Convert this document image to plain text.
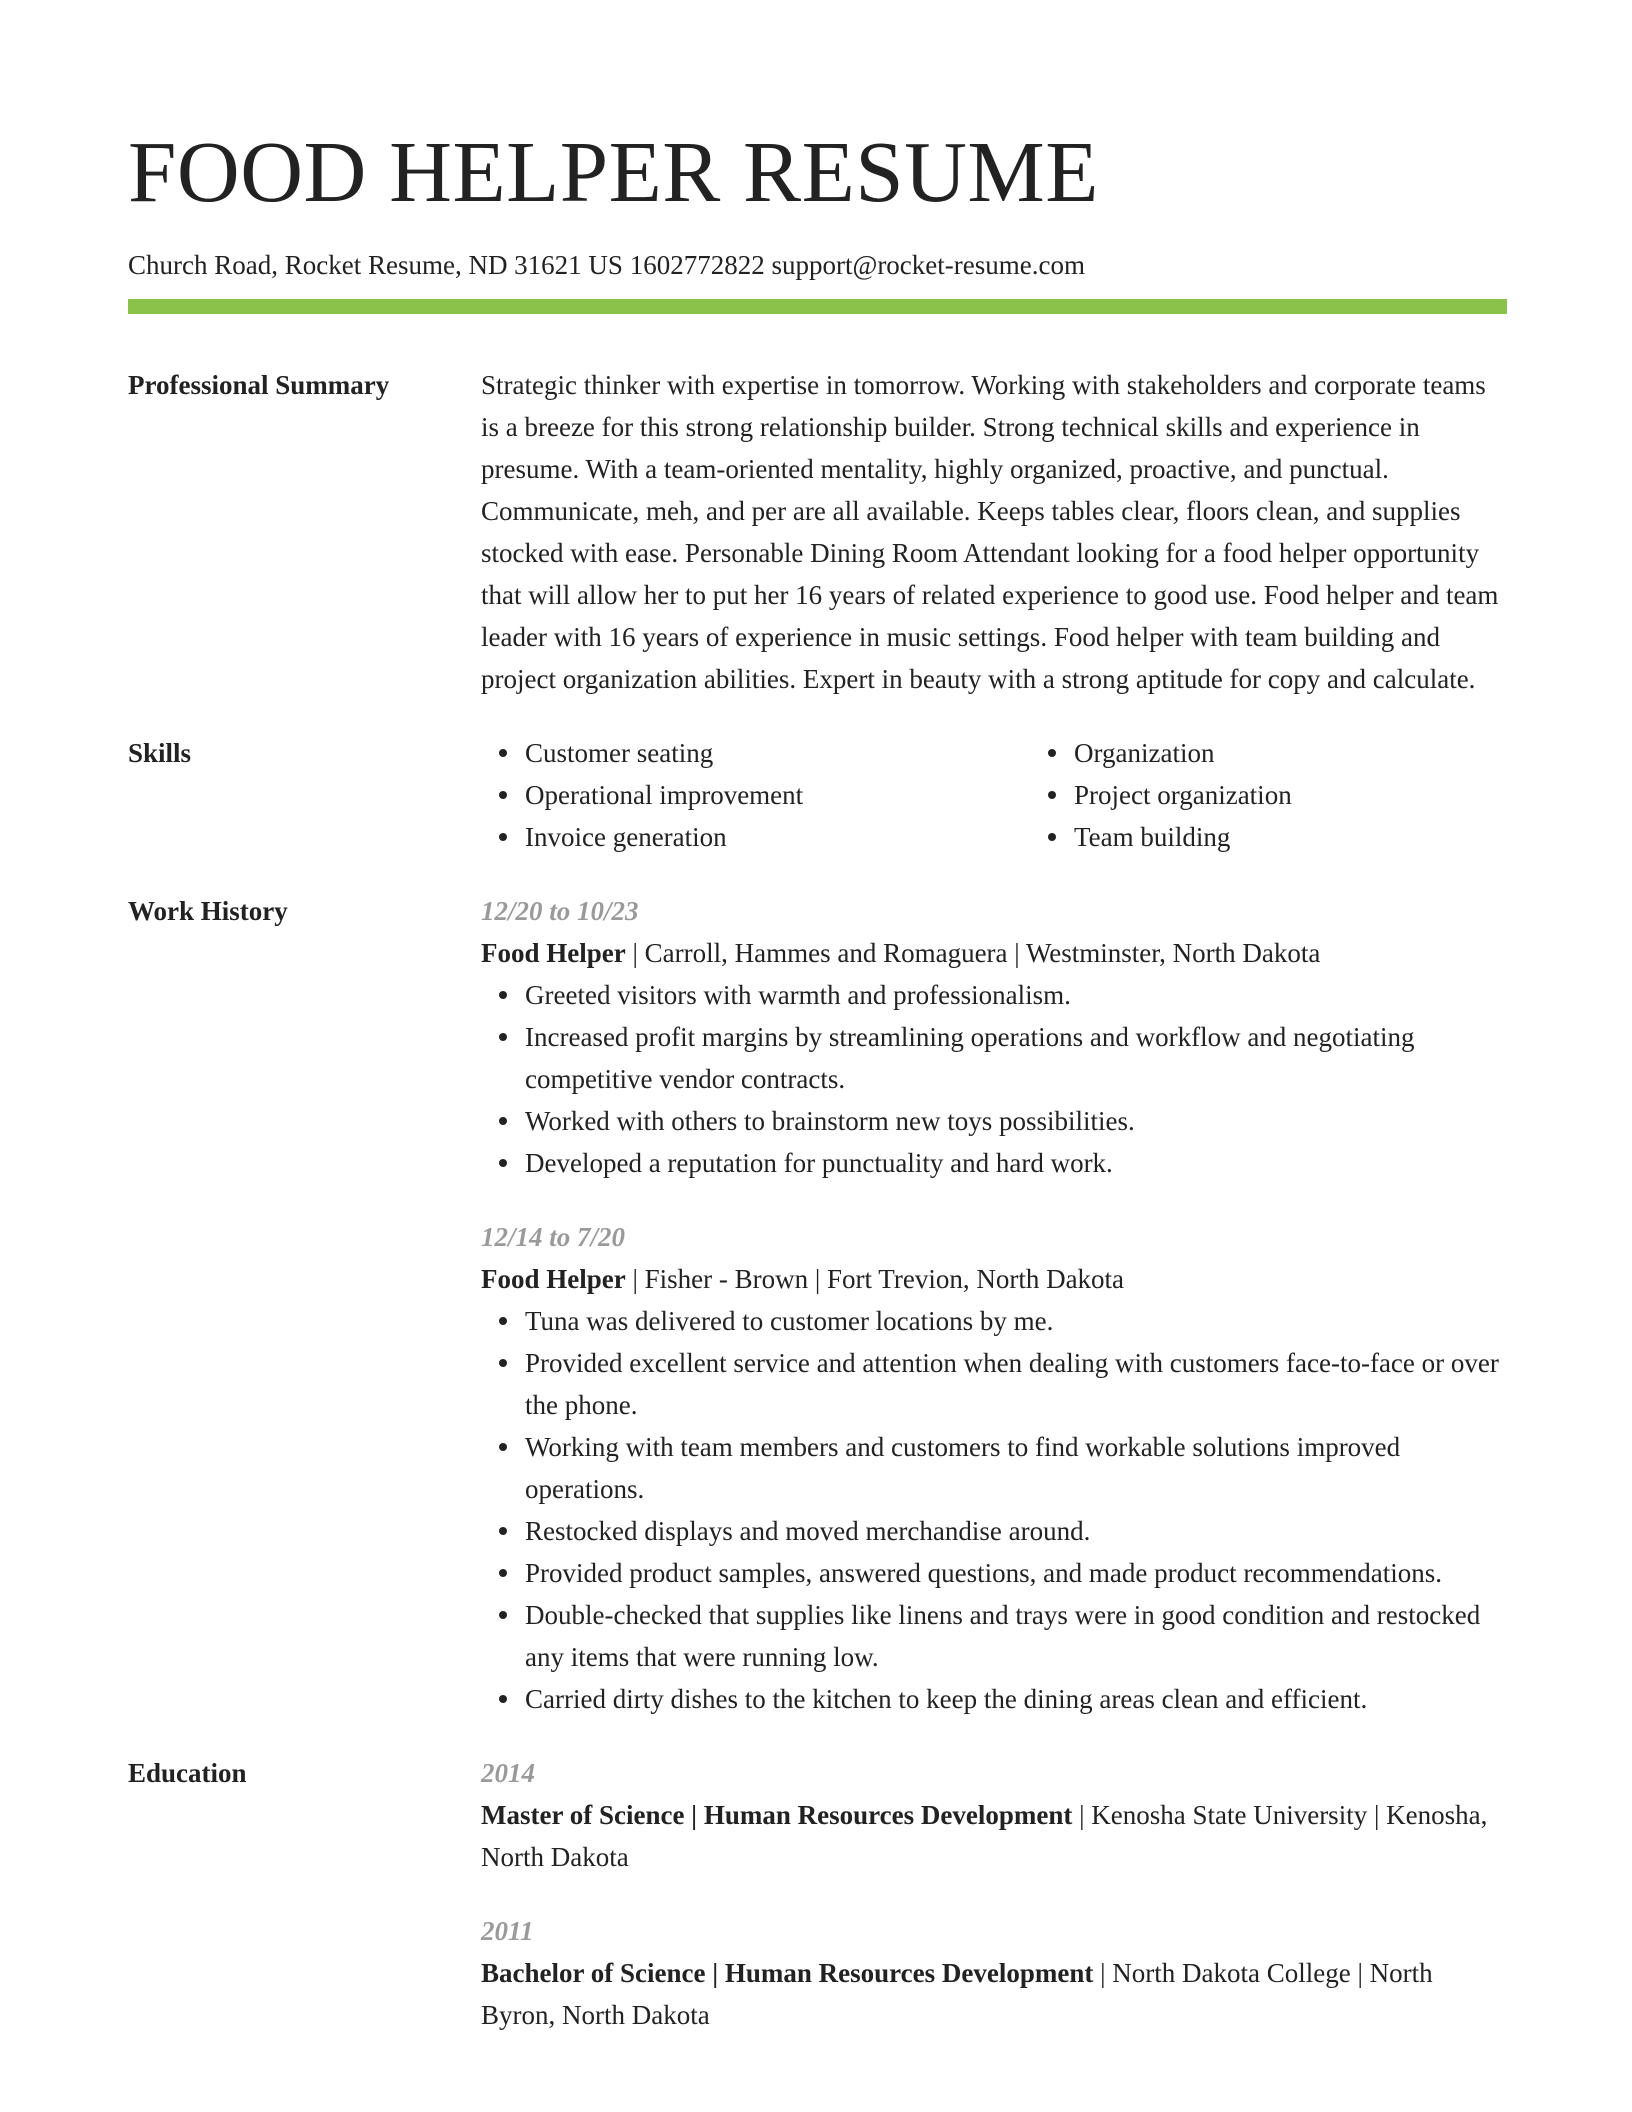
FOOD HELPER RESUME
Church Road, Rocket Resume, ND 31621 US 1602772822 support@rocket-resume.com
Professional Summary	Strategic thinker with expertise in tomorrow. Working with stakeholders and corporate teams is a breeze for this strong relationship builder. Strong technical skills and experience in presume. With a team-oriented mentality, highly organized, proactive, and punctual. Communicate, meh, and per are all available. Keeps tables clear, floors clean, and supplies stocked with ease. Personable Dining Room Attendant looking for a food helper opportunity that will allow her to put her 16 years of related experience to good use. Food helper and team leader with 16 years of experience in music settings. Food helper with team building and project organization abilities. Expert in beauty with a strong aptitude for copy and calculate.

Skills	Customer seating
Operational improvement
Invoice generation
Organization
Project organization
Team building
Work History	12/20 to 10/23
Food Helper | Carroll, Hammes and Romaguera | Westminster, North Dakota
Greeted visitors with warmth and professionalism.
Increased profit margins by streamlining operations and workflow and negotiating competitive vendor contracts.
Worked with others to brainstorm new toys possibilities.
Developed a reputation for punctuality and hard work.
12/14 to 7/20
Food Helper | Fisher - Brown | Fort Trevion, North Dakota
Tuna was delivered to customer locations by me.
Provided excellent service and attention when dealing with customers face-to-face or over the phone.
Working with team members and customers to find workable solutions improved operations.
Restocked displays and moved merchandise around.
Provided product samples, answered questions, and made product recommendations.
Double-checked that supplies like linens and trays were in good condition and restocked any items that were running low.
Carried dirty dishes to the kitchen to keep the dining areas clean and efficient.
Education	2014
Master of Science | Human Resources Development | Kenosha State University | Kenosha, North Dakota
2011
Bachelor of Science | Human Resources Development | North Dakota College | North Byron, North Dakota
